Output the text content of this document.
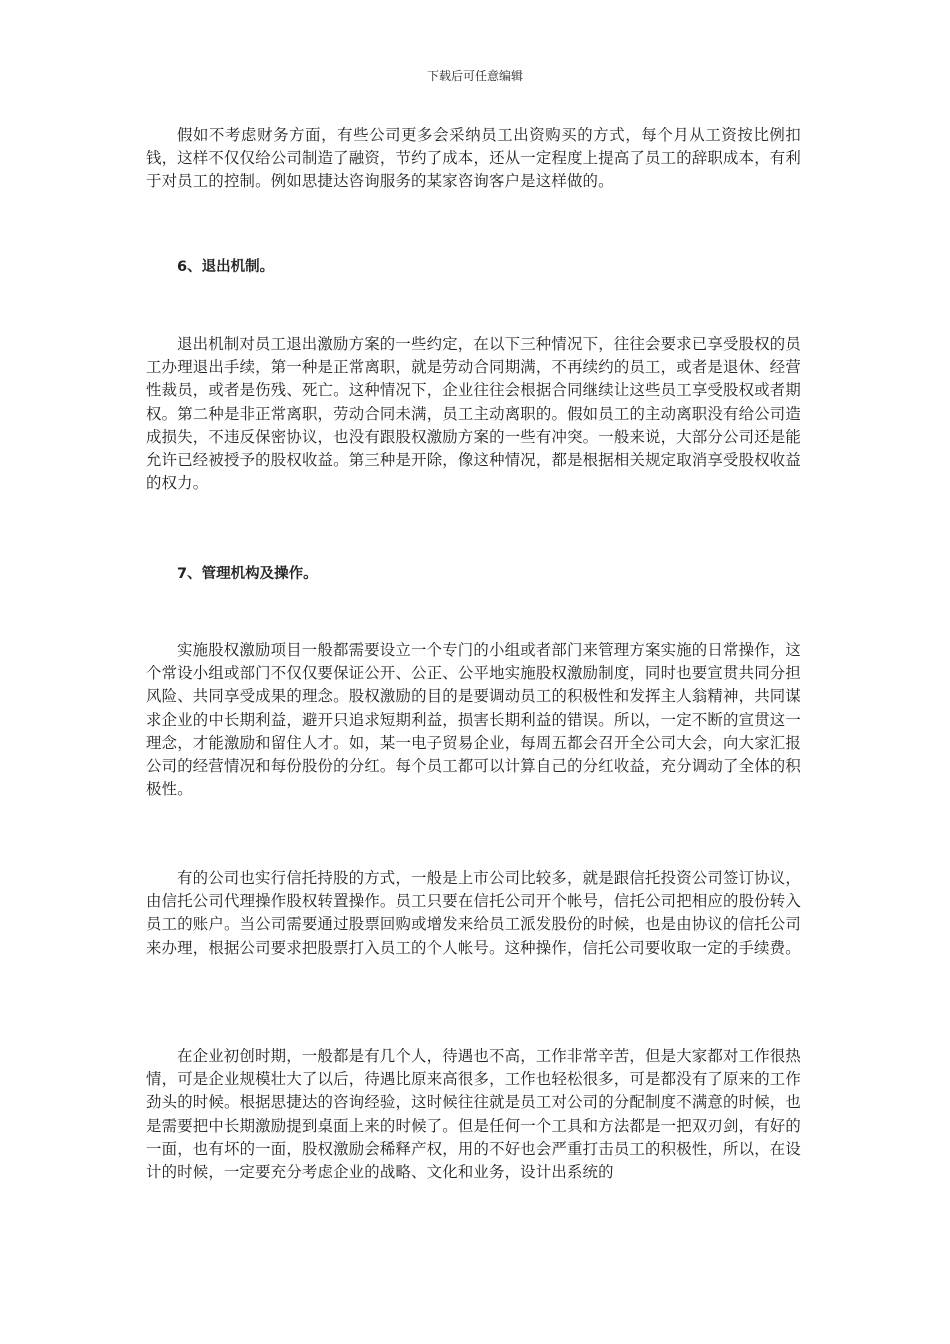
下载后可任意编辑

假如不考虑财务方面，有些公司更多会采纳员工出资购买的方式，每个月从工资按比例扣钱，这样不仅仅给公司制造了融资，节约了成本，还从一定程度上提高了员工的辞职成本，有利于对员工的控制。例如思捷达咨询服务的某家咨询客户是这样做的。

6、退出机制。

退出机制对员工退出激励方案的一些约定，在以下三种情况下，往往会要求已享受股权的员工办理退出手续，第一种是正常离职，就是劳动合同期满，不再续约的员工，或者是退休、经营性裁员，或者是伤残、死亡。这种情况下，企业往往会根据合同继续让这些员工享受股权或者期权。第二种是非正常离职，劳动合同未满，员工主动离职的。假如员工的主动离职没有给公司造成损失，不违反保密协议，也没有跟股权激励方案的一些有冲突。一般来说，大部分公司还是能允许已经被授予的股权收益。第三种是开除，像这种情况，都是根据相关规定取消享受股权收益的权力。

7、管理机构及操作。

实施股权激励项目一般都需要设立一个专门的小组或者部门来管理方案实施的日常操作，这个常设小组或部门不仅仅要保证公开、公正、公平地实施股权激励制度，同时也要宣贯共同分担风险、共同享受成果的理念。股权激励的目的是要调动员工的积极性和发挥主人翁精神，共同谋求企业的中长期利益，避开只追求短期利益，损害长期利益的错误。所以，一定不断的宣贯这一理念，才能激励和留住人才。如，某一电子贸易企业，每周五都会召开全公司大会，向大家汇报公司的经营情况和每份股份的分红。每个员工都可以计算自己的分红收益，充分调动了全体的积极性。

有的公司也实行信托持股的方式，一般是上市公司比较多，就是跟信托投资公司签订协议，由信托公司代理操作股权转置操作。员工只要在信托公司开个帐号，信托公司把相应的股份转入员工的账户。当公司需要通过股票回购或增发来给员工派发股份的时候，也是由协议的信托公司来办理，根据公司要求把股票打入员工的个人帐号。这种操作，信托公司要收取一定的手续费。

在企业初创时期，一般都是有几个人，待遇也不高，工作非常辛苦，但是大家都对工作很热情，可是企业规模壮大了以后，待遇比原来高很多，工作也轻松很多，可是都没有了原来的工作劲头的时候。根据思捷达的咨询经验，这时候往往就是员工对公司的分配制度不满意的时候，也是需要把中长期激励提到桌面上来的时候了。但是任何一个工具和方法都是一把双刃剑，有好的一面，也有坏的一面，股权激励会稀释产权，用的不好也会严重打击员工的积极性，所以，在设计的时候，一定要充分考虑企业的战略、文化和业务，设计出系统的
